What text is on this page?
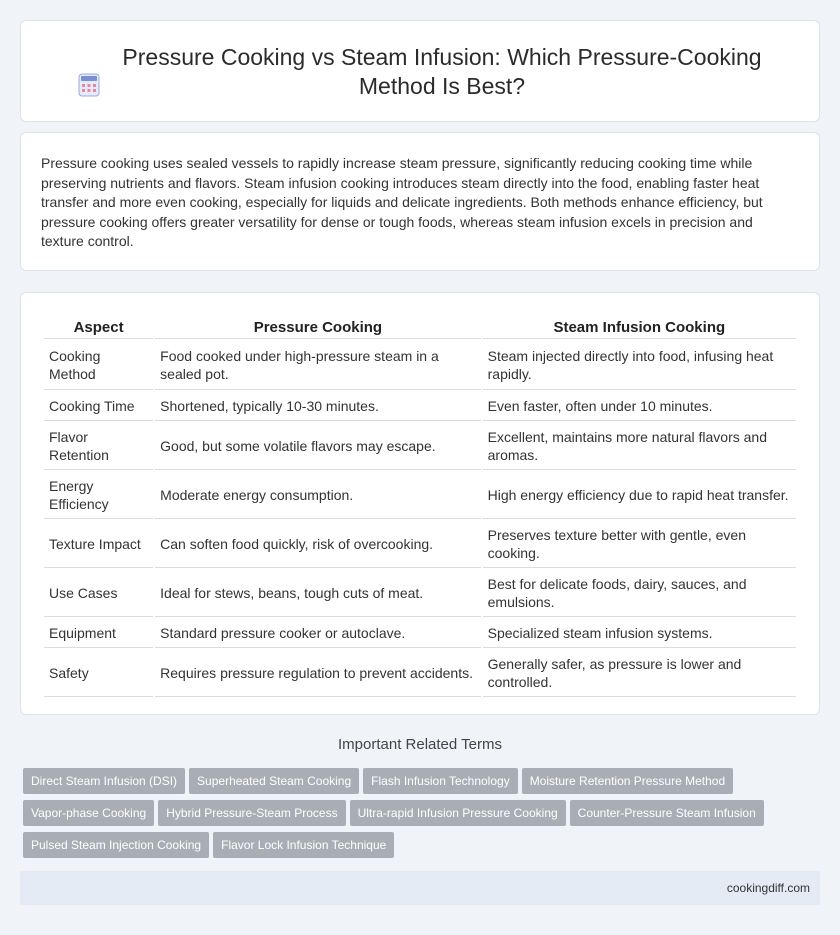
Pressure Cooking vs Steam Infusion: Which Pressure-Cooking
Method Is Best?

Pressure cooking uses sealed vessels to rapidly increase steam pressure, significantly reducing cooking time while preserving nutrients and flavors. Steam infusion cooking introduces steam directly into the food, enabling faster heat transfer and more even cooking, especially for liquids and delicate ingredients. Both methods enhance efficiency, but pressure cooking offers greater versatility for dense or tough foods, whereas steam infusion excels in precision and texture control.

Aspect	Pressure Cooking	Steam Infusion Cooking
Cooking Method	Food cooked under high-pressure steam in a sealed pot.	Steam injected directly into food, infusing heat rapidly.
Cooking Time	Shortened, typically 10-30 minutes.	Even faster, often under 10 minutes.
Flavor Retention	Good, but some volatile flavors may escape.	Excellent, maintains more natural flavors and aromas.
Energy Efficiency	Moderate energy consumption.	High energy efficiency due to rapid heat transfer.
Texture Impact	Can soften food quickly, risk of overcooking.	Preserves texture better with gentle, even cooking.
Use Cases	Ideal for stews, beans, tough cuts of meat.	Best for delicate foods, dairy, sauces, and emulsions.
Equipment	Standard pressure cooker or autoclave.	Specialized steam infusion systems.
Safety	Requires pressure regulation to prevent accidents.	Generally safer, as pressure is lower and controlled.
Important Related Terms
Direct Steam Infusion (DSI) Superheated Steam Cooking Flash Infusion Technology Moisture Retention Pressure Method
Vapor-phase Cooking Hybrid Pressure-Steam Process Ultra-rapid Infusion Pressure Cooking Counter-Pressure Steam Infusion
Pulsed Steam Injection Cooking Flavor Lock Infusion Technique
cookingdiff.com
